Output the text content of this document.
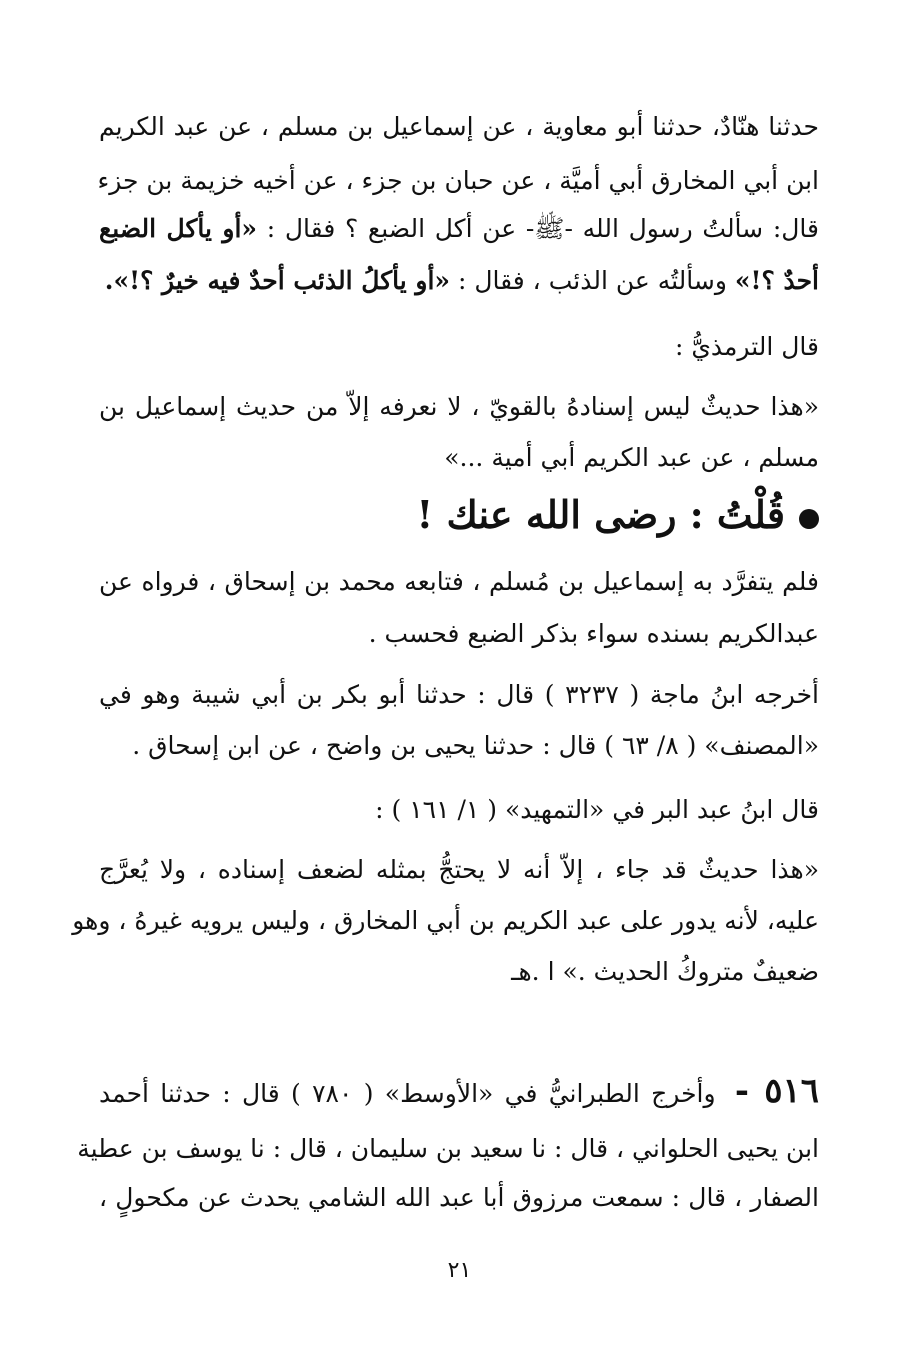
حدثنا هنّادٌ، حدثنا أبو معاوية ، عن إسماعيل بن مسلم ، عن عبد الكريم
ابن أبي المخارق أبي أميَّة ، عن حبان بن جزء ، عن أخيه خزيمة بن جزء
قال: سألتُ رسول الله -ﷺ- عن أكل الضبع ؟ فقال : «أو يأكل الضبع
أحدٌ ؟!» وسألتُه عن الذئب ، فقال : «أو يأكلُ الذئب أحدٌ فيه خيرٌ ؟!».
قال الترمذيُّ :
«هذا حديثٌ ليس إسنادهُ بالقويّ ، لا نعرفه إلاّ من حديث إسماعيل بن
مسلم ، عن عبد الكريم أبي أمية ...»
قُلْتُ : رضى الله عنك !
فلم يتفرَّد به إسماعيل بن مُسلم ، فتابعه محمد بن إسحاق ، فرواه عن
عبدالكريم بسنده سواء بذكر الضبع فحسب .
أخرجه ابنُ ماجة ( ٣٢٣٧ ) قال : حدثنا أبو بكر بن أبي شيبة وهو في
«المصنف» ( ٨/ ٦٣ ) قال : حدثنا يحيى بن واضح ، عن ابن إسحاق .
قال ابنُ عبد البر في «التمهيد» ( ١/ ١٦١ ) :
«هذا حديثٌ قد جاء ، إلاّ أنه لا يحتجُّ بمثله لضعف إسناده ، ولا يُعرَّج
عليه، لأنه يدور على عبد الكريم بن أبي المخارق ، وليس يرويه غيرهُ ، وهو
ضعيفٌ متروكُ الحديث .» ا .هـ
٥١٦ - وأخرج الطبرانيُّ في «الأوسط» ( ٧٨٠ ) قال : حدثنا أحمد
ابن يحيى الحلواني ، قال : نا سعيد بن سليمان ، قال : نا يوسف بن عطية
الصفار ، قال : سمعت مرزوق أبا عبد الله الشامي يحدث عن مكحولٍ ،
٢١
